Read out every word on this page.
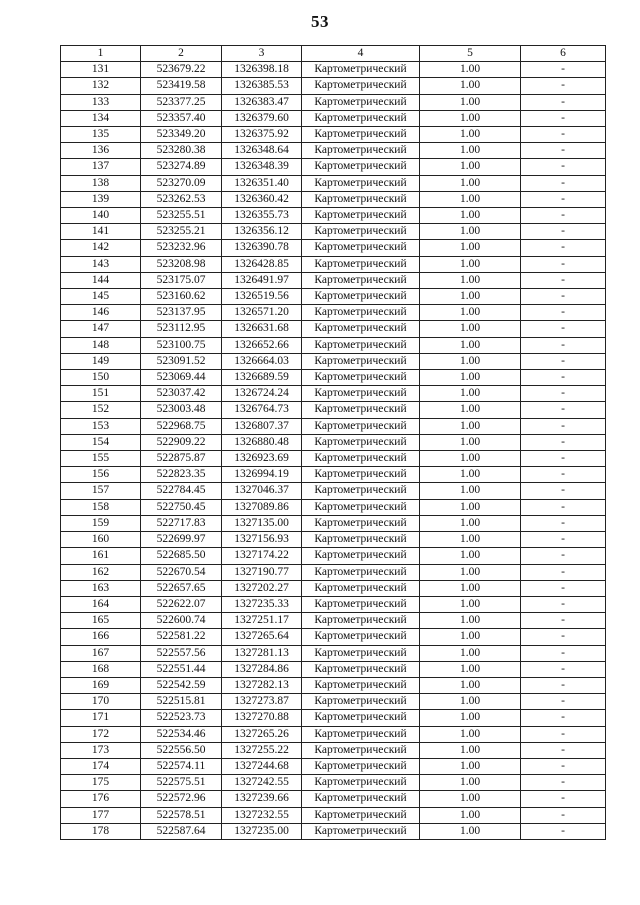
53
1	2	3	4	5	6
131	523679.22	1326398.18	Картометрический	1.00	-
132	523419.58	1326385.53	Картометрический	1.00	-
133	523377.25	1326383.47	Картометрический	1.00	-
134	523357.40	1326379.60	Картометрический	1.00	-
135	523349.20	1326375.92	Картометрический	1.00	-
136	523280.38	1326348.64	Картометрический	1.00	-
137	523274.89	1326348.39	Картометрический	1.00	-
138	523270.09	1326351.40	Картометрический	1.00	-
139	523262.53	1326360.42	Картометрический	1.00	-
140	523255.51	1326355.73	Картометрический	1.00	-
141	523255.21	1326356.12	Картометрический	1.00	-
142	523232.96	1326390.78	Картометрический	1.00	-
143	523208.98	1326428.85	Картометрический	1.00	-
144	523175.07	1326491.97	Картометрический	1.00	-
145	523160.62	1326519.56	Картометрический	1.00	-
146	523137.95	1326571.20	Картометрический	1.00	-
147	523112.95	1326631.68	Картометрический	1.00	-
148	523100.75	1326652.66	Картометрический	1.00	-
149	523091.52	1326664.03	Картометрический	1.00	-
150	523069.44	1326689.59	Картометрический	1.00	-
151	523037.42	1326724.24	Картометрический	1.00	-
152	523003.48	1326764.73	Картометрический	1.00	-
153	522968.75	1326807.37	Картометрический	1.00	-
154	522909.22	1326880.48	Картометрический	1.00	-
155	522875.87	1326923.69	Картометрический	1.00	-
156	522823.35	1326994.19	Картометрический	1.00	-
157	522784.45	1327046.37	Картометрический	1.00	-
158	522750.45	1327089.86	Картометрический	1.00	-
159	522717.83	1327135.00	Картометрический	1.00	-
160	522699.97	1327156.93	Картометрический	1.00	-
161	522685.50	1327174.22	Картометрический	1.00	-
162	522670.54	1327190.77	Картометрический	1.00	-
163	522657.65	1327202.27	Картометрический	1.00	-
164	522622.07	1327235.33	Картометрический	1.00	-
165	522600.74	1327251.17	Картометрический	1.00	-
166	522581.22	1327265.64	Картометрический	1.00	-
167	522557.56	1327281.13	Картометрический	1.00	-
168	522551.44	1327284.86	Картометрический	1.00	-
169	522542.59	1327282.13	Картометрический	1.00	-
170	522515.81	1327273.87	Картометрический	1.00	-
171	522523.73	1327270.88	Картометрический	1.00	-
172	522534.46	1327265.26	Картометрический	1.00	-
173	522556.50	1327255.22	Картометрический	1.00	-
174	522574.11	1327244.68	Картометрический	1.00	-
175	522575.51	1327242.55	Картометрический	1.00	-
176	522572.96	1327239.66	Картометрический	1.00	-
177	522578.51	1327232.55	Картометрический	1.00	-
178	522587.64	1327235.00	Картометрический	1.00	-
